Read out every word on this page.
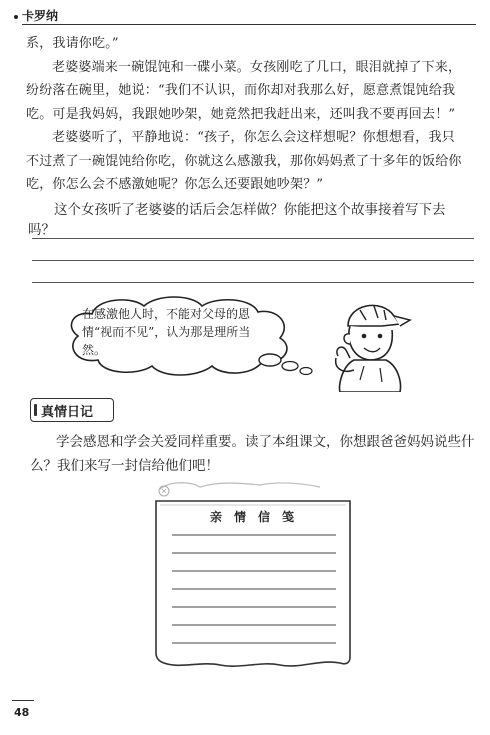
卡罗纳

系，我请你吃。”

老婆婆端来一碗馄饨和一碟小菜。女孩刚吃了几口，眼泪就掉了下来，纷纷落在碗里，她说：“我们不认识，而你却对我那么好，愿意煮馄饨给我吃。可是我妈妈，我跟她吵架，她竟然把我赶出来，还叫我不要再回去！”

老婆婆听了，平静地说：“孩子，你怎么会这样想呢？你想想看，我只不过煮了一碗馄饨给你吃，你就这么感激我，那你妈妈煮了十多年的饭给你吃，你怎么会不感激她呢？你怎么还要跟她吵架？”

这个女孩听了老婆婆的话后会怎样做？你能把这个故事接着写下去吗？
在感激他人时，不能对父母的恩情“视而不见”，认为那是理所当然。
真情日记
学会感恩和学会关爱同样重要。读了本组课文，你想跟爸爸妈妈说些什么？我们来写一封信给他们吧！
亲情信笺
48
